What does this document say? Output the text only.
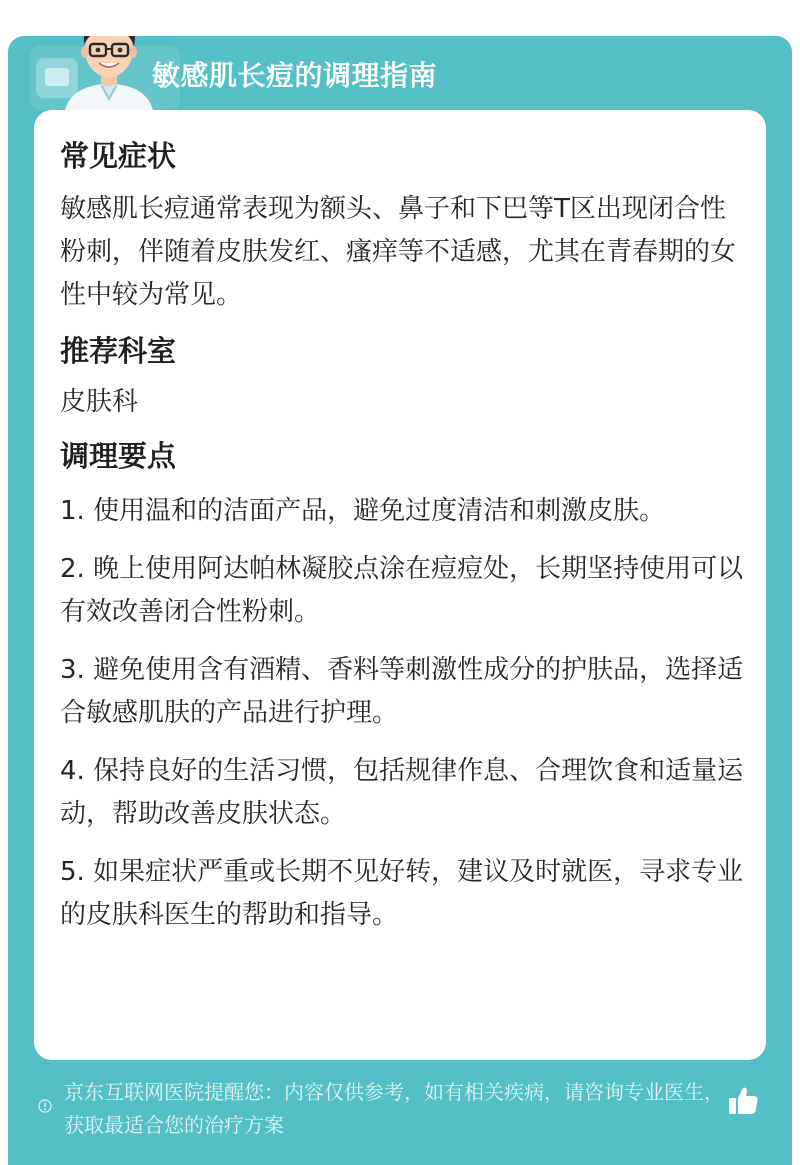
敏感肌长痘的调理指南
常见症状

敏感肌长痘通常表现为额头、鼻子和下巴等T区出现闭合性粉刺，伴随着皮肤发红、瘙痒等不适感，尤其在青春期的女性中较为常见。

推荐科室

皮肤科

调理要点

1. 使用温和的洁面产品，避免过度清洁和刺激皮肤。

2. 晚上使用阿达帕林凝胶点涂在痘痘处，长期坚持使用可以有效改善闭合性粉刺。

3. 避免使用含有酒精、香料等刺激性成分的护肤品，选择适合敏感肌肤的产品进行护理。

4. 保持良好的生活习惯，包括规律作息、合理饮食和适量运动，帮助改善皮肤状态。

5. 如果症状严重或长期不见好转，建议及时就医，寻求专业的皮肤科医生的帮助和指导。

京东互联网医院提醒您：内容仅供参考，如有相关疾病，请咨询专业医生，获取最适合您的治疗方案
